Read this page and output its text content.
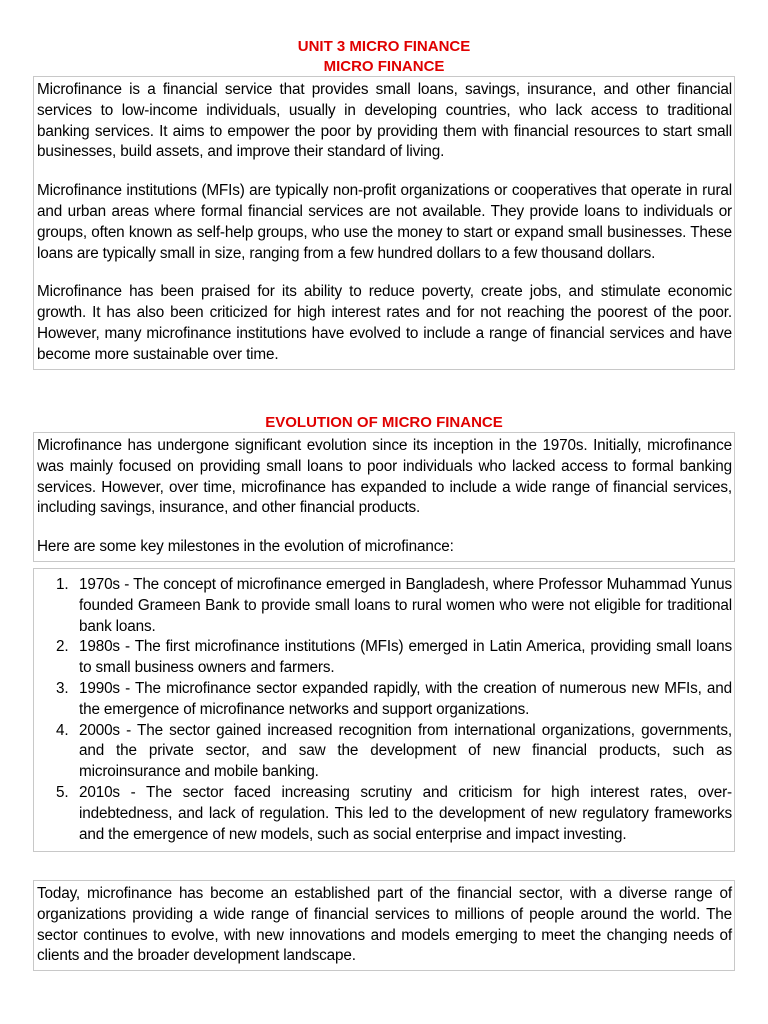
UNIT 3 MICRO FINANCE
MICRO FINANCE

Microfinance is a financial service that provides small loans, savings, insurance, and other financial services to low-income individuals, usually in developing countries, who lack access to traditional banking services. It aims to empower the poor by providing them with financial resources to start small businesses, build assets, and improve their standard of living.

Microfinance institutions (MFIs) are typically non-profit organizations or cooperatives that operate in rural and urban areas where formal financial services are not available. They provide loans to individuals or groups, often known as self-help groups, who use the money to start or expand small businesses. These loans are typically small in size, ranging from a few hundred dollars to a few thousand dollars.

Microfinance has been praised for its ability to reduce poverty, create jobs, and stimulate economic growth. It has also been criticized for high interest rates and for not reaching the poorest of the poor. However, many microfinance institutions have evolved to include a range of financial services and have become more sustainable over time.

EVOLUTION OF MICRO FINANCE

Microfinance has undergone significant evolution since its inception in the 1970s. Initially, microfinance was mainly focused on providing small loans to poor individuals who lacked access to formal banking services. However, over time, microfinance has expanded to include a wide range of financial services, including savings, insurance, and other financial products.

Here are some key milestones in the evolution of microfinance:

1. 1970s - The concept of microfinance emerged in Bangladesh, where Professor Muhammad Yunus founded Grameen Bank to provide small loans to rural women who were not eligible for traditional bank loans.
2. 1980s - The first microfinance institutions (MFIs) emerged in Latin America, providing small loans to small business owners and farmers.
3. 1990s - The microfinance sector expanded rapidly, with the creation of numerous new MFIs, and the emergence of microfinance networks and support organizations.
4. 2000s - The sector gained increased recognition from international organizations, governments, and the private sector, and saw the development of new financial products, such as microinsurance and mobile banking.
5. 2010s - The sector faced increasing scrutiny and criticism for high interest rates, over-indebtedness, and lack of regulation. This led to the development of new regulatory frameworks and the emergence of new models, such as social enterprise and impact investing.

Today, microfinance has become an established part of the financial sector, with a diverse range of organizations providing a wide range of financial services to millions of people around the world. The sector continues to evolve, with new innovations and models emerging to meet the changing needs of clients and the broader development landscape.
